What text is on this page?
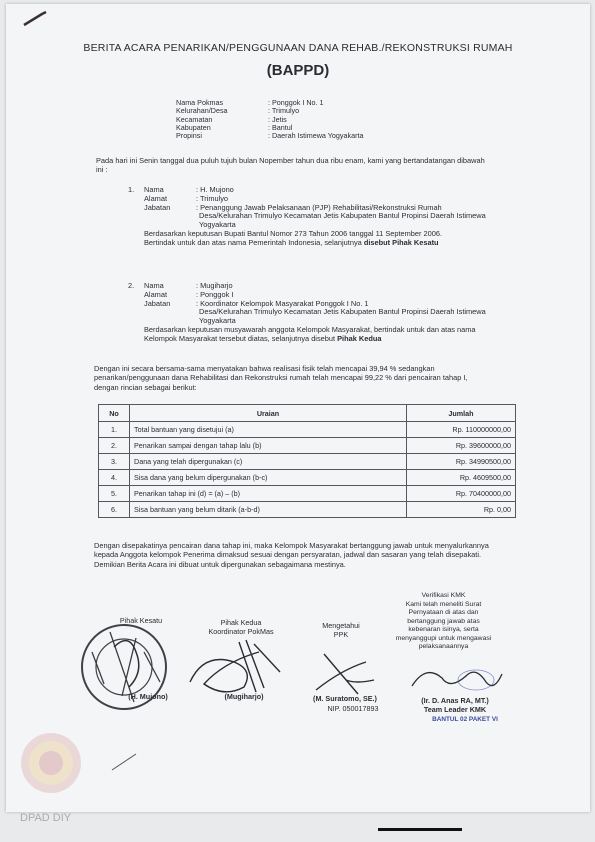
BERITA ACARA PENARIKAN/PENGGUNAAN DANA REHAB./REKONSTRUKSI RUMAH
(BAPPD)
Nama Pokmas	: Ponggok I No. 1
Kelurahan/Desa	: Trimulyo
Kecamatan	: Jetis
Kabupaten	: Bantul
Propinsi	: Daerah Istimewa Yogyakarta
Pada hari ini Senin tanggal dua puluh tujuh bulan Nopember tahun dua ribu enam, kami yang bertandatangan dibawah
ini :
1. Nama	: H. Mujono
Alamat	: Trimulyo
Jabatan	: Penanggung Jawab Pelaksanaan (PJP) Rehabilitasi/Rekonstruksi Rumah
Desa/Kelurahan Trimulyo Kecamatan Jetis Kabupaten Bantul Propinsi Daerah Istimewa
Yogyakarta
Berdasarkan keputusan Bupati Bantul Nomor 273 Tahun 2006 tanggal 11 September 2006.
Bertindak untuk dan atas nama Pemerintah Indonesia, selanjutnya disebut Pihak Kesatu
2. Nama	: Mugiharjo
Alamat	: Ponggok I
Jabatan	: Koordinator Kelompok Masyarakat Ponggok I No. 1
Desa/Kelurahan Trimulyo Kecamatan Jetis Kabupaten Bantul Propinsi Daerah Istimewa
Yogyakarta
Berdasarkan keputusan musyawarah anggota Kelompok Masyarakat, bertindak untuk dan atas nama
Kelompok Masyarakat tersebut diatas, selanjutnya disebut Pihak Kedua
Dengan ini secara bersama-sama menyatakan bahwa realisasi fisik telah mencapai 39,94 % sedangkan
penarikan/penggunaan dana Rehabilitasi dan Rekonstruksi rumah telah mencapai 99,22 % dari pencairan tahap I,
dengan rincian sebagai berikut:
No	Uraian	Jumlah
1.	Total bantuan yang disetujui (a)	Rp. 110000000,00
2.	Penarikan sampai dengan tahap lalu (b)	Rp. 39600000,00
3.	Dana yang telah dipergunakan (c)	Rp. 34990500,00
4.	Sisa dana yang belum dipergunakan (b-c)	Rp. 4609500,00
5.	Penarikan tahap ini (d) = (a) – (b)	Rp. 70400000,00
6.	Sisa bantuan yang belum ditarik (a-b-d)	Rp. 0,00
Dengan disepakatinya pencairan dana tahap ini, maka Kelompok Masyarakat bertanggung jawab untuk menyalurkannya
kepada Anggota kelompok Penerima dimaksud sesuai dengan persyaratan, jadwal dan sasaran yang telah disepakati.
Demikian Berita Acara ini dibuat untuk dipergunakan sebagaimana mestinya.
Pihak Kesatu
(H. Mujono)
Pihak Kedua
Koordinator PokMas
(Mugiharjo)
Mengetahui
PPK
(M. Suratomo, SE.)
NIP. 050017893
Verifikasi KMK
Kami telah meneliti Surat
Pernyataan di atas dan
bertanggung jawab atas
kebenaran isinya, serta
menyanggupi untuk mengawasi
pelaksanaannya
(Ir. D. Anas RA, MT.)
Team Leader KMK
BANTUL 02 PAKET VI
DPAD DIY
